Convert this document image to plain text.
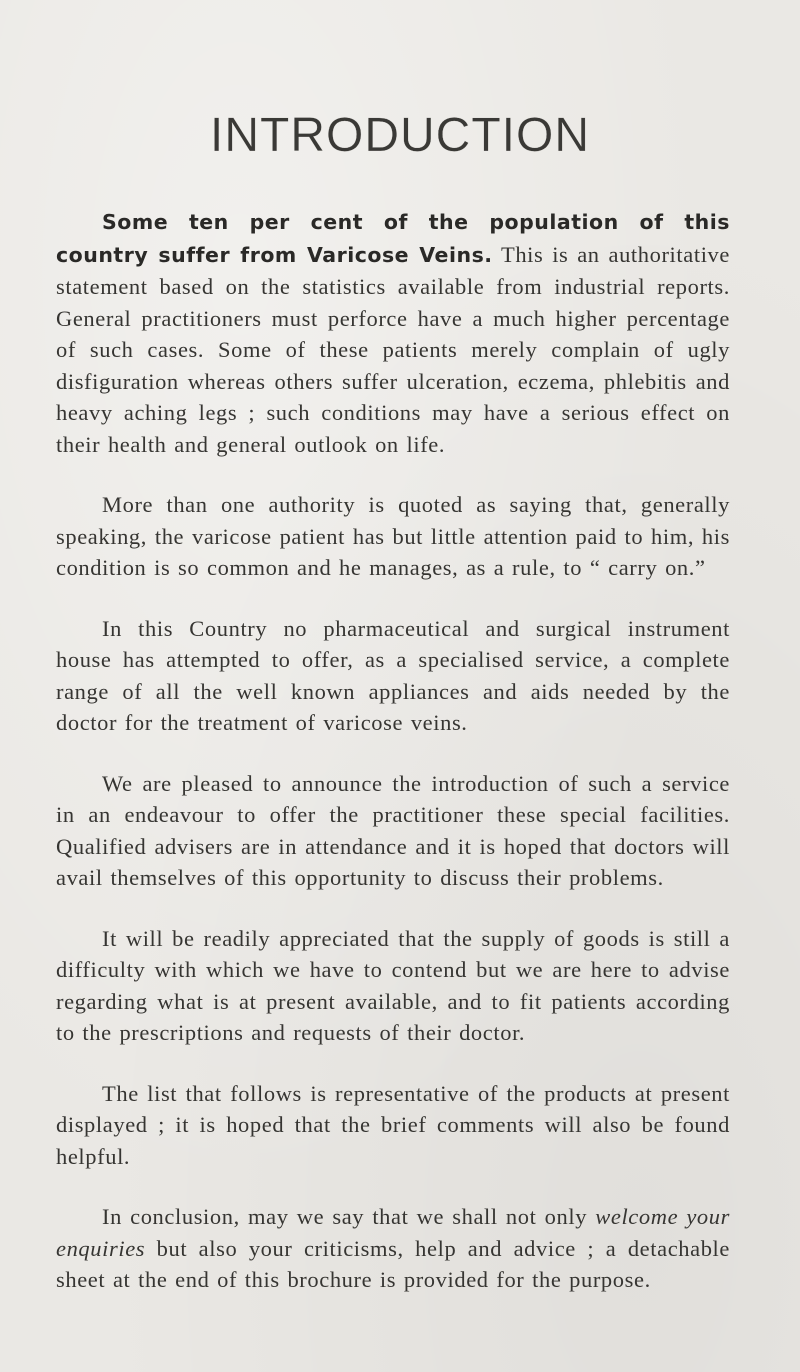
INTRODUCTION

Some ten per cent of the population of this country suffer from Varicose Veins. This is an authoritative statement based on the statistics available from industrial reports. General practitioners must perforce have a much higher percentage of such cases. Some of these patients merely complain of ugly disfiguration whereas others suffer ulceration, eczema, phlebitis and heavy aching legs ; such conditions may have a serious effect on their health and general outlook on life.

More than one authority is quoted as saying that, generally speaking, the varicose patient has but little attention paid to him, his condition is so common and he manages, as a rule, to “ carry on.”

In this Country no pharmaceutical and surgical instrument house has attempted to offer, as a specialised service, a complete range of all the well known appliances and aids needed by the doctor for the treatment of varicose veins.

We are pleased to announce the introduction of such a service in an endeavour to offer the practitioner these special facilities. Qualified advisers are in attendance and it is hoped that doctors will avail themselves of this opportunity to discuss their problems.

It will be readily appreciated that the supply of goods is still a difficulty with which we have to contend but we are here to advise regarding what is at present available, and to fit patients according to the prescriptions and requests of their doctor.

The list that follows is representative of the products at present displayed ; it is hoped that the brief comments will also be found helpful.

In conclusion, may we say that we shall not only welcome your enquiries but also your criticisms, help and advice ; a detachable sheet at the end of this brochure is provided for the purpose.
